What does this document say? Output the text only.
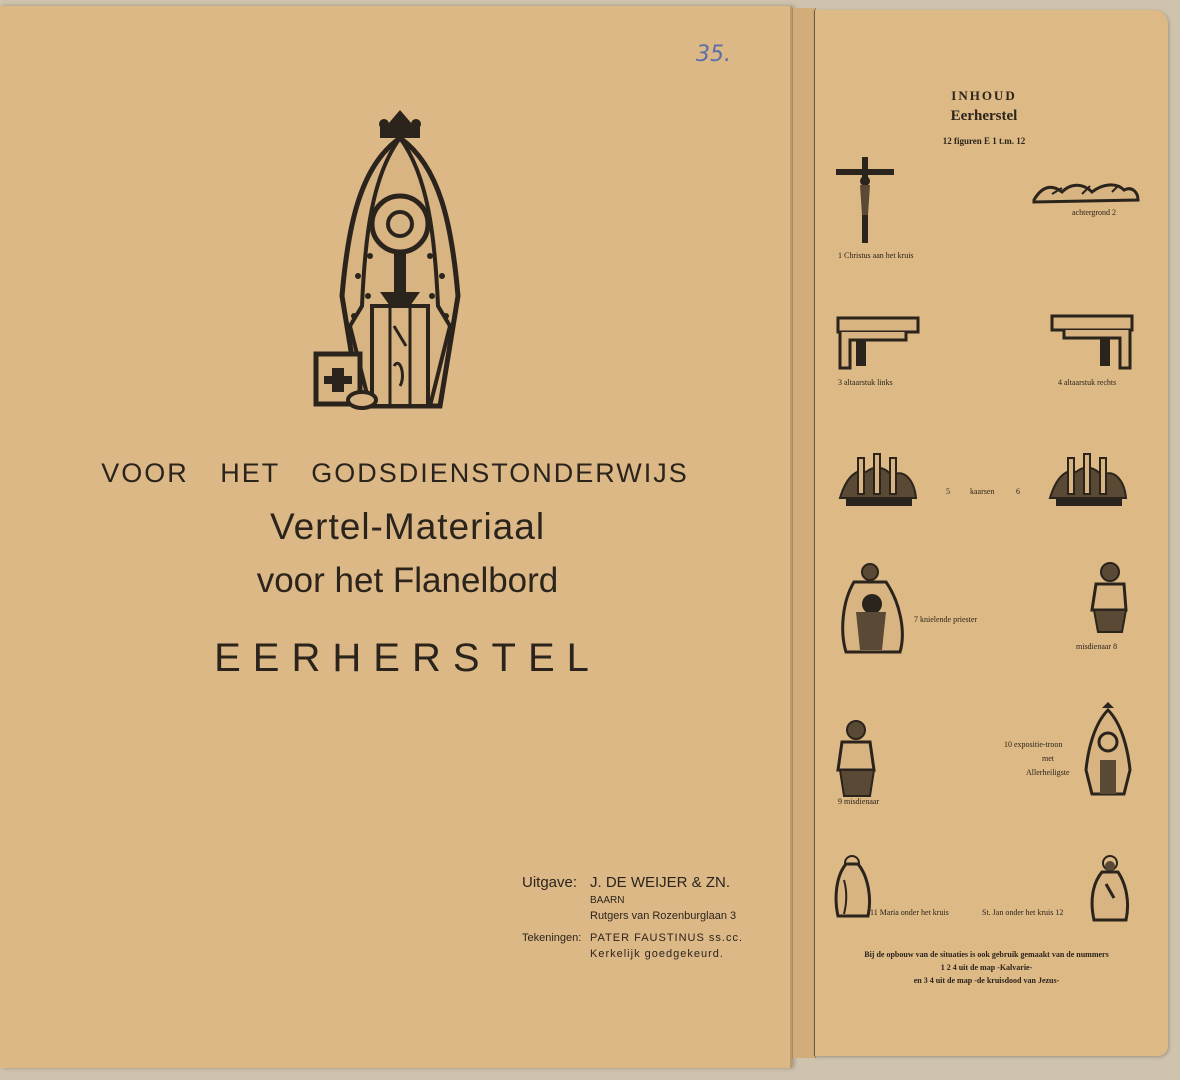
35.
VOOR HET GODSDIENSTONDERWIJS
Vertel-Materiaal
voor het Flanelbord
EERHERSTEL
Uitgave: J. DE WEIJER & ZN.
BAARN
Rutgers van Rozenburglaan 3
Tekeningen: PATER FAUSTINUS ss.cc.
Kerkelijk goedgekeurd.
INHOUD
Eerherstel
12 figuren E 1 t.m. 12
1 Christus aan het kruis
achtergrond 2
3 altaarstuk links	4 altaarstuk rechts
5	kaarsen	6
7 knielende priester
misdienaar 8
9 misdienaar
10 expositie-troon
met
Allerheiligste
11 Maria onder het kruis	St. Jan onder het kruis 12
Bij de opbouw van de situaties is ook gebruik gemaakt van de nummers
1 2 4 uit de map -Kalvarie-
en 3 4 uit de map -de kruisdood van Jezus-
